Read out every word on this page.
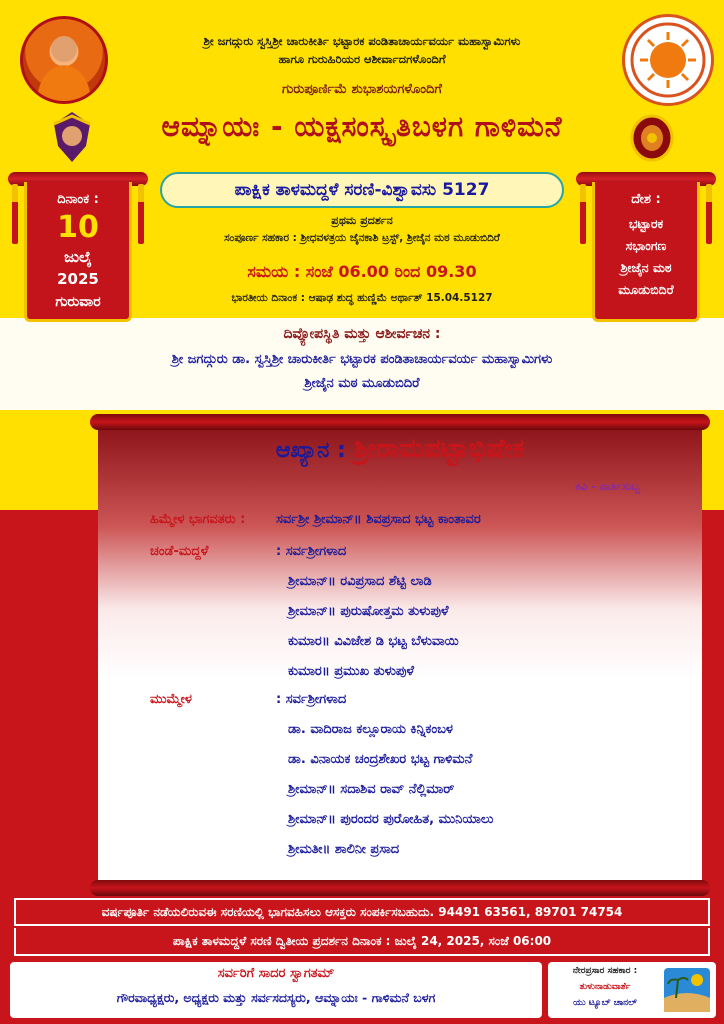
ಶ್ರೀ ಜಗದ್ಗುರು ಸ್ವಸ್ತಿಶ್ರೀ ಚಾರುಕೀರ್ತಿ ಭಟ್ಟಾರಕ ಪಂಡಿತಾಚಾರ್ಯವರ್ಯ ಮಹಾಸ್ವಾಮಿಗಳು
ಹಾಗೂ ಗುರುಹಿರಿಯರ ಆಶೀರ್ವಾದಗಳೊಂದಿಗೆ
ಗುರುಪೂರ್ಣಿಮೆ ಶುಭಾಶಯಗಳೊಂದಿಗೆ
ಆಮ್ನಾಯಃ - ಯಕ್ಷಸಂಸ್ಕೃತಿಬಳಗ ಗಾಳಿಮನೆ
ದಿನಾಂಕ :
10
ಜುಲೈ
2025
ಗುರುವಾರ
ದೇಶ :
ಭಟ್ಟಾರಕ
ಸಭಾಂಗಣ
ಶ್ರೀಜೈನ ಮಠ
ಮೂಡುಬಿದಿರೆ
ಪಾಕ್ಷಿಕ ತಾಳಮದ್ದಳೆ ಸರಣಿ-ವಿಶ್ವಾವಸು 5127
ಪ್ರಥಮ ಪ್ರದರ್ಶನ
ಸಂಪೂರ್ಣ ಸಹಕಾರ : ಶ್ರೀಧವಳತ್ರಯ ಜೈನಕಾಶಿ ಟ್ರಸ್ಟ್, ಶ್ರೀಜೈನ ಮಠ ಮೂಡುಬಿದಿರೆ
ಸಮಯ : ಸಂಜೆ 06.00 ರಿಂದ 09.30
ಭಾರತೀಯ ದಿನಾಂಕ : ಆಷಾಢ ಶುದ್ಧ ಹುಣ್ಣಿಮೆ ಅರ್ಥಾತ್ 15.04.5127
ದಿವ್ಯೋಪಸ್ಥಿತಿ ಮತ್ತು ಆಶೀರ್ವಚನ :
ಶ್ರೀ ಜಗದ್ಗುರು ಡಾ. ಸ್ವಸ್ತಿಶ್ರೀ ಚಾರುಕೀರ್ತಿ ಭಟ್ಟಾರಕ ಪಂಡಿತಾಚಾರ್ಯವರ್ಯ ಮಹಾಸ್ವಾಮಿಗಳು
ಶ್ರೀಜೈನ ಮಠ ಮೂಡುಬಿದಿರೆ
ಆಖ್ಯಾನ : ಶ್ರೀರಾಮಪಟ್ಟಾಭಿಷೇಕ
ಕವಿ - ಪಾರ್ತಿಸುಬ್ಬ
ಹಿಮ್ಮೇಳ ಭಾಗವತರು : ಸರ್ವಶ್ರೀ ಶ್ರೀಮಾನ್॥ ಶಿವಪ್ರಸಾದ ಭಟ್ಟ ಕಾಂತಾವರ
ಚಂಡೆ-ಮದ್ದಳೆ	: ಸರ್ವಶ್ರೀಗಳಾದ
ಶ್ರೀಮಾನ್॥ ರವಿಪ್ರಸಾದ ಶೆಟ್ಟಿ ಲಾಡಿ
ಶ್ರೀಮಾನ್॥ ಪುರುಷೋತ್ತಮ ತುಳುಪುಳೆ
ಕುಮಾರ॥ ವಿವಿಜೇಶ ಡಿ ಭಟ್ಟ ಬೆಳುವಾಯಿ
ಕುಮಾರ॥ ಪ್ರಮುಖ ತುಳುಪುಳೆ
ಮುಮ್ಮೇಳ	: ಸರ್ವಶ್ರೀಗಳಾದ
ಡಾ. ವಾದಿರಾಜ ಕಲ್ಲೂರಾಯ ಕಿನ್ನಿಕಂಬಳ
ಡಾ. ವಿನಾಯಕ ಚಂದ್ರಶೇಖರ ಭಟ್ಟ ಗಾಳಿಮನೆ
ಶ್ರೀಮಾನ್॥ ಸದಾಶಿವ ರಾವ್ ನೆಲ್ಲಿಮಾರ್
ಶ್ರೀಮಾನ್॥ ಪುರಂದರ ಪುರೋಹಿತ, ಮುನಿಯಾಲು
ಶ್ರೀಮತೀ॥ ಶಾಲಿನೀ ಪ್ರಸಾದ
ವರ್ಷಪೂರ್ತಿ ನಡೆಯಲಿರುವಈ ಸರಣಿಯಲ್ಲಿ ಭಾಗವಹಿಸಲು ಆಸಕ್ತರು ಸಂಪರ್ಕಿಸಬಹುದು. 94491 63561, 89701 74754
ಪಾಕ್ಷಿಕ ತಾಳಮದ್ದಳೆ ಸರಣಿ ದ್ವಿತೀಯ ಪ್ರದರ್ಶನ ದಿನಾಂಕ : ಜುಲೈ 24, 2025, ಸಂಜೆ 06:00
ಸರ್ವರಿಗೆ ಸಾದರ ಸ್ವಾಗತಮ್
ಗೌರವಾಧ್ಯಕ್ಷರು, ಅಧ್ಯಕ್ಷರು ಮತ್ತು ಸರ್ವಸದಸ್ಯರು, ಆಮ್ನಾಯಃ - ಗಾಳಿಮನೆ ಬಳಗ
ನೇರಪ್ರಸಾರ ಸಹಕಾರ :
ತುಳುನಾಡುವಾರ್ತೆ
ಯು ಟ್ಯೂಬ್ ಚಾನಲ್
